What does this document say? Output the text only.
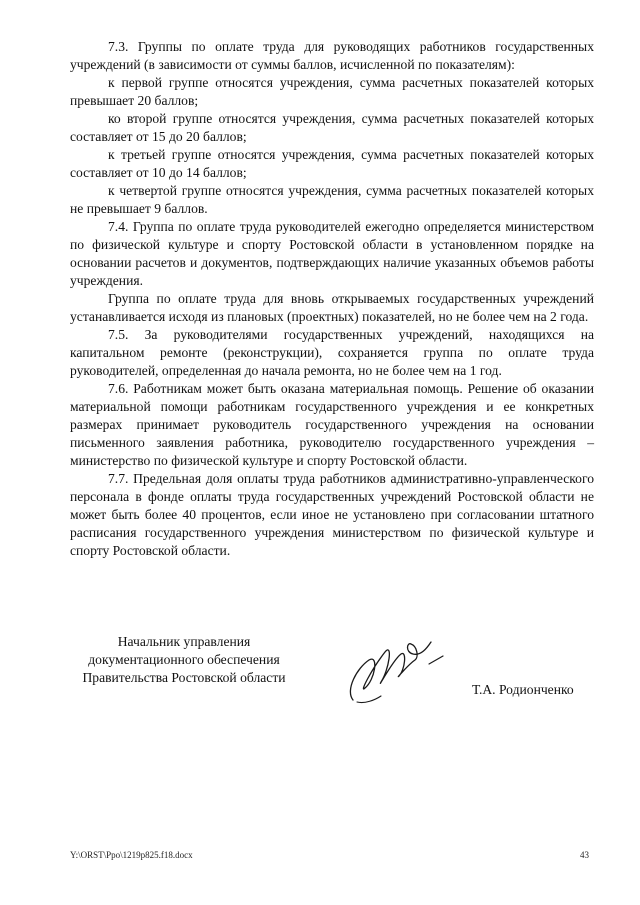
7.3. Группы по оплате труда для руководящих работников государственных учреждений (в зависимости от суммы баллов, исчисленной по показателям):

к первой группе относятся учреждения, сумма расчетных показателей которых превышает 20 баллов;

ко второй группе относятся учреждения, сумма расчетных показателей которых составляет от 15 до 20 баллов;

к третьей группе относятся учреждения, сумма расчетных показателей которых составляет от 10 до 14 баллов;

к четвертой группе относятся учреждения, сумма расчетных показателей которых не превышает 9 баллов.

7.4. Группа по оплате труда руководителей ежегодно определяется министерством по физической культуре и спорту Ростовской области в установленном порядке на основании расчетов и документов, подтверждающих наличие указанных объемов работы учреждения.

Группа по оплате труда для вновь открываемых государственных учреждений устанавливается исходя из плановых (проектных) показателей, но не более чем на 2 года.

7.5. За руководителями государственных учреждений, находящихся на капитальном ремонте (реконструкции), сохраняется группа по оплате труда руководителей, определенная до начала ремонта, но не более чем на 1 год.

7.6. Работникам может быть оказана материальная помощь. Решение об оказании материальной помощи работникам государственного учреждения и ее конкретных размерах принимает руководитель государственного учреждения на основании письменного заявления работника, руководителю государственного учреждения – министерство по физической культуре и спорту Ростовской области.

7.7. Предельная доля оплаты труда работников административно-управленческого персонала в фонде оплаты труда государственных учреждений Ростовской области не может быть более 40 процентов, если иное не установлено при согласовании штатного расписания государственного учреждения министерством по физической культуре и спорту Ростовской области.

Начальник управления
документационного обеспечения
Правительства Ростовской области
Т.А. Родионченко
Y:\ORST\Ppo\1219p825.f18.docx	43
